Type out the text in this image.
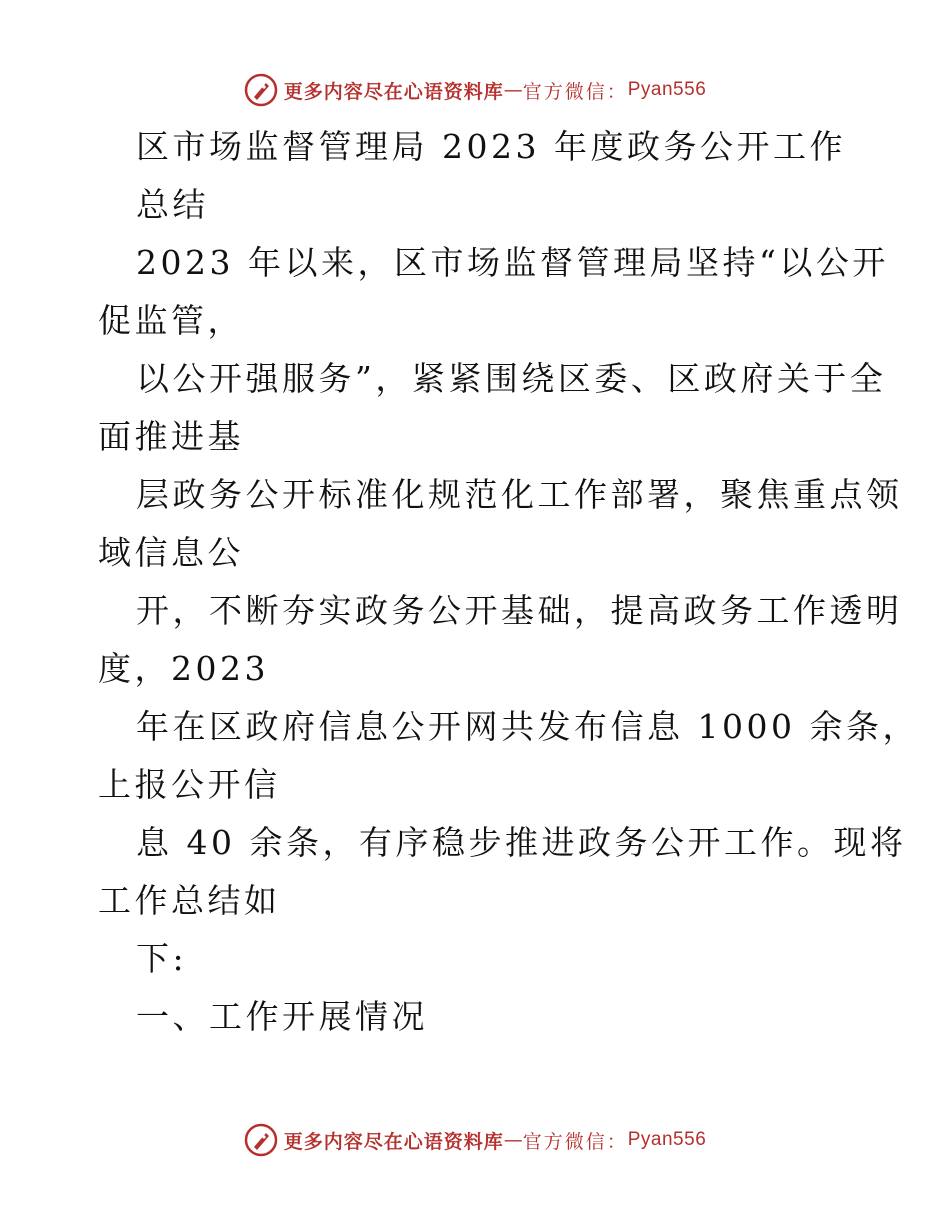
更多内容尽在心语资料库 — 官方微信： Pyan556
区市场监督管理局 2023 年度政务公开工作
总结
2023 年以来，区市场监督管理局坚持“以公开
促监管，
以公开强服务”，紧紧围绕区委、区政府关于全
面推进基
层政务公开标准化规范化工作部署，聚焦重点领
域信息公
开，不断夯实政务公开基础，提高政务工作透明
度，2023
年在区政府信息公开网共发布信息 1000 余条，
上报公开信
息 40 余条，有序稳步推进政务公开工作。现将
工作总结如
下:
一、工作开展情况
更多内容尽在心语资料库 — 官方微信： Pyan556
